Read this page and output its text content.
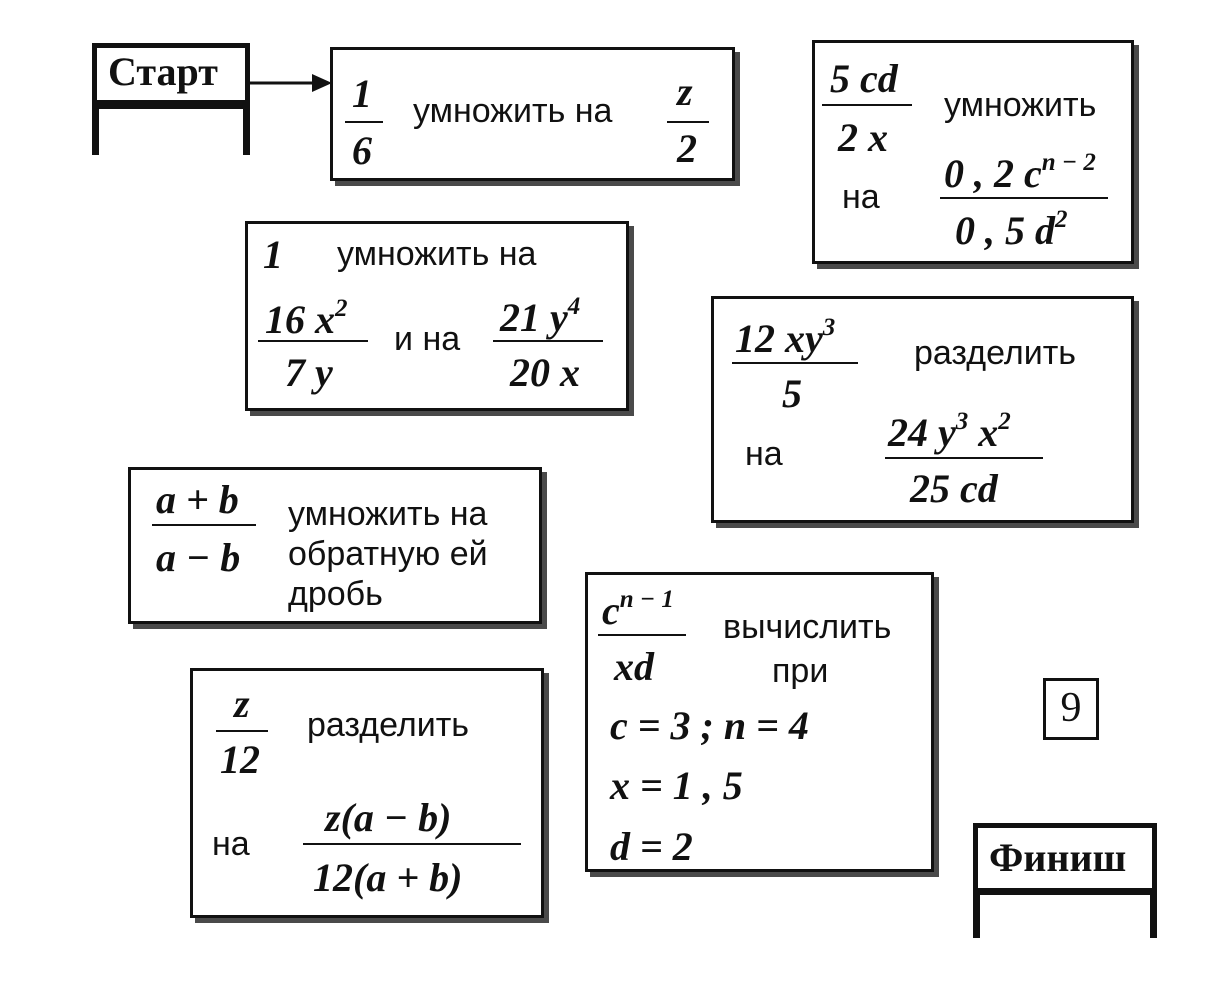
Старт	1
6
умножить на z
2
5 cd
2 x
умножить
на
0 , 2 $c^{n - 2}$
0 , 5 $d^2$
1 умножить на
16 $x^2$
7 y
и на 21 $y^4$
20 x
12 $xy^3$
5
разделить
на	24 $y^3$ $x^2$
25 cd
a + b
a − b
умножить на
обратную ей
дробь	$c^{n - 1}$
xd
вычислить
при
c = 3 ; n = 4
x = 1 , 5
d = 2
z
12
разделить
на
z(a − b)
12(a + b)
9
Финиш
